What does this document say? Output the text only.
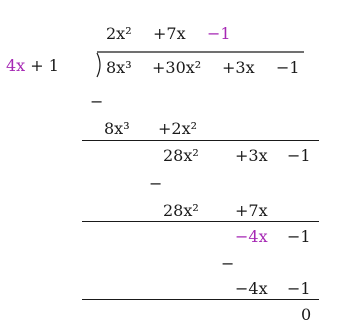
2x² +7x −1
4x + 1	8x³ +30x² +3x −1
−
8x³ +2x²
28x² +3x −1
−
28x² +7x
−4x −1
−
−4x −1
0
